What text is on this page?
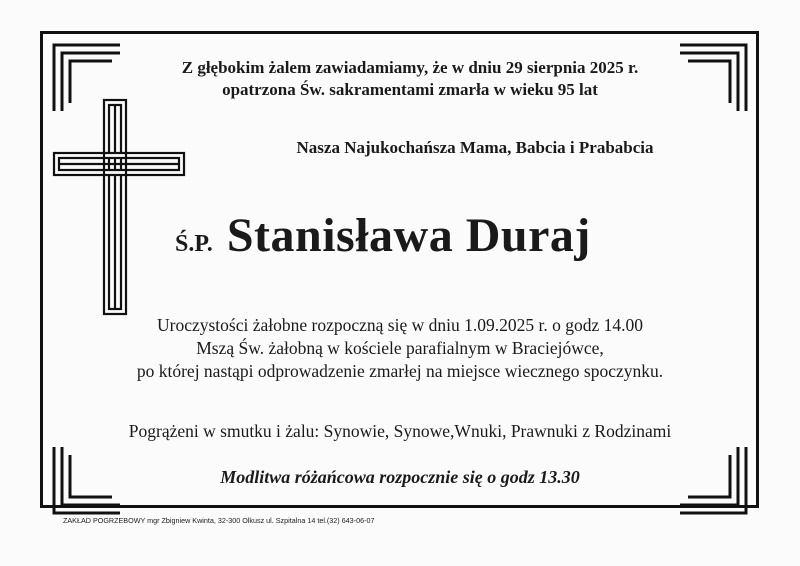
Z głębokim żalem zawiadamiamy, że w dniu 29 sierpnia 2025 r.
opatrzona Św. sakramentami zmarła w wieku 95 lat
Nasza Najukochańsza Mama, Babcia i Prababcia
Ś.P. Stanisława Duraj
Uroczystości żałobne rozpoczną się w dniu 1.09.2025 r. o godz 14.00
Mszą Św. żałobną w kościele parafialnym w Braciejówce,
po której nastąpi odprowadzenie zmarłej na miejsce wiecznego spoczynku.
Pogrążeni w smutku i żalu: Synowie, Synowe,Wnuki, Prawnuki z Rodzinami
Modlitwa różańcowa rozpocznie się o godz 13.30
ZAKŁAD POGRZEBOWY mgr Zbigniew Kwinta, 32-300 Olkusz ul. Szpitalna 14 tel.(32) 643-06-07
